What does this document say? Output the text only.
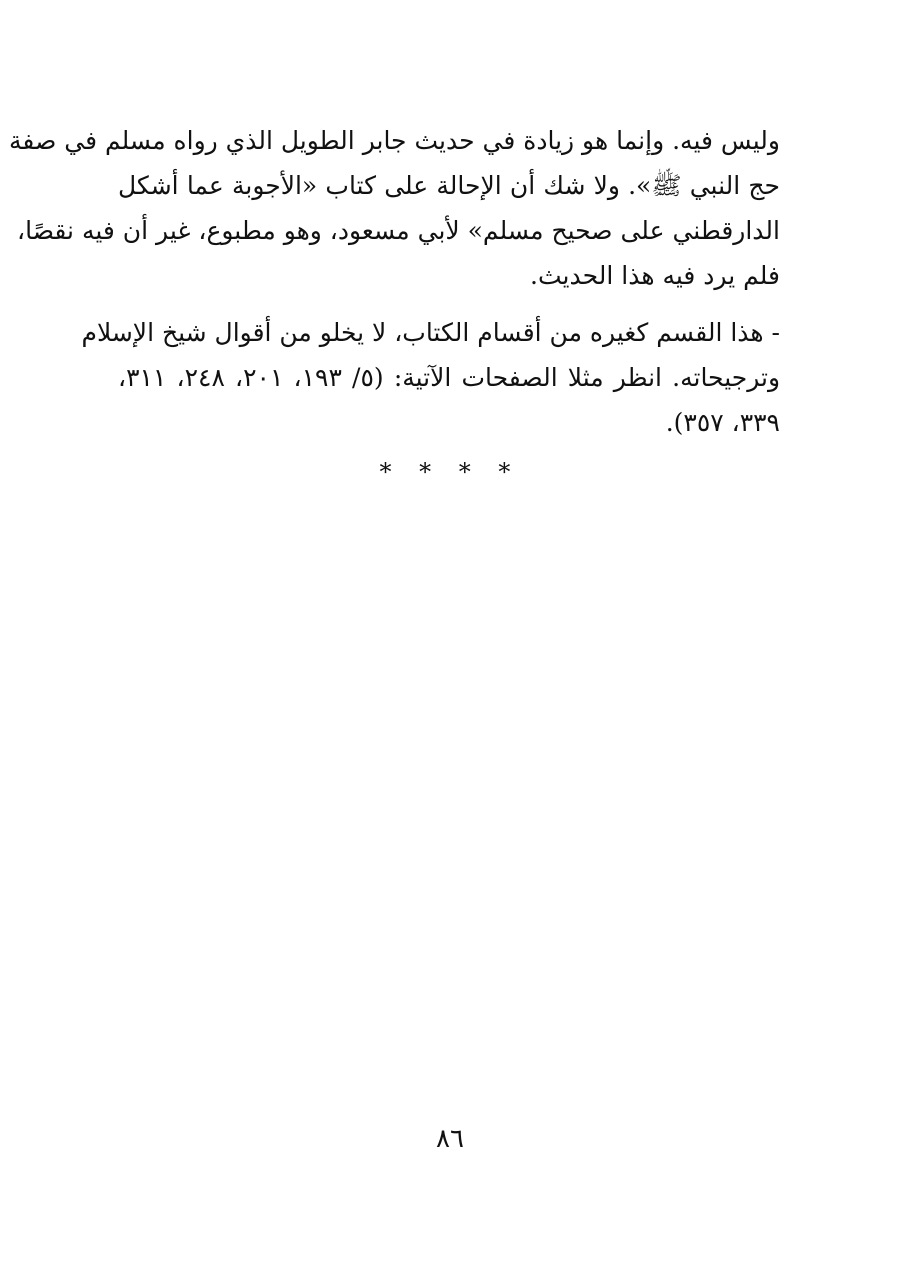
وليس فيه. وإنما هو زيادة في حديث جابر الطويل الذي رواه مسلم في صفة
حج النبي ﷺ». ولا شك أن الإحالة على كتاب «الأجوبة عما أشكل
الدارقطني على صحيح مسلم» لأبي مسعود، وهو مطبوع، غير أن فيه نقصًا،
فلم يرد فيه هذا الحديث.
- هذا القسم كغيره من أقسام الكتاب، لا يخلو من أقوال شيخ الإسلام
وترجيحاته. انظر مثلا الصفحات الآتية: (٥/ ١٩٣، ٢٠١، ٢٤٨، ٣١١،
٣٣٩، ٣٥٧).
* * * *
٨٦
